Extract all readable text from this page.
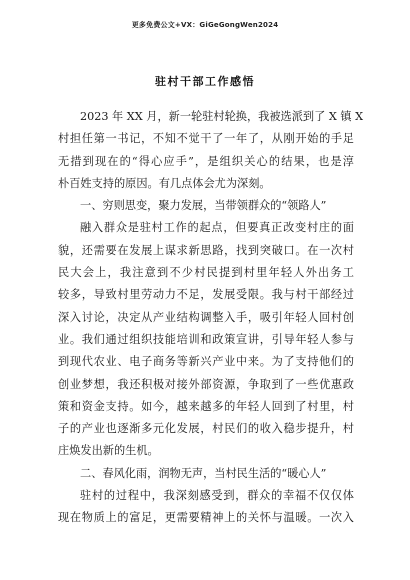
更多免费公文+VX：GiGeGongWen2024
驻村干部工作感悟
2023 年 XX 月，新一轮驻村轮换，我被选派到了 X 镇 X
村担任第一书记，不知不觉干了一年了，从刚开始的手足
无措到现在的“得心应手”，是组织关心的结果，也是淳
朴百姓支持的原因。有几点体会尤为深刻。
一、穷则思变，聚力发展，当带领群众的“领路人”
融入群众是驻村工作的起点，但要真正改变村庄的面
貌，还需要在发展上谋求新思路，找到突破口。在一次村
民大会上，我注意到不少村民提到村里年轻人外出务工
较多，导致村里劳动力不足，发展受限。我与村干部经过
深入讨论，决定从产业结构调整入手，吸引年轻人回村创
业。我们通过组织技能培训和政策宣讲，引导年轻人参与
到现代农业、电子商务等新兴产业中来。为了支持他们的
创业梦想，我还积极对接外部资源，争取到了一些优惠政
策和资金支持。如今，越来越多的年轻人回到了村里，村
子的产业也逐渐多元化发展，村民们的收入稳步提升，村
庄焕发出新的生机。
二、春风化雨，润物无声，当村民生活的“暖心人”
驻村的过程中，我深刻感受到，群众的幸福不仅仅体
现在物质上的富足，更需要精神上的关怀与温暖。一次入
